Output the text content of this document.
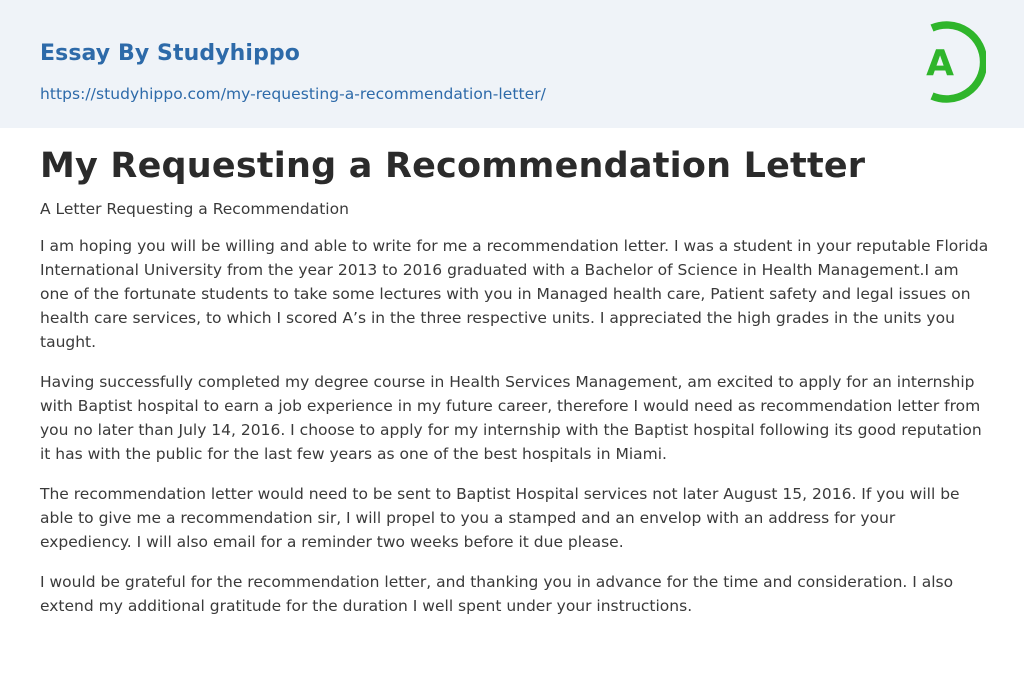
Essay By Studyhippo
https://studyhippo.com/my-requesting-a-recommendation-letter/
A
My Requesting a Recommendation Letter
A Letter Requesting a Recommendation

I am hoping you will be willing and able to write for me a recommendation letter. I was a student in your reputable Florida International University from the year 2013 to 2016 graduated with a Bachelor of Science in Health Management.I am one of the fortunate students to take some lectures with you in Managed health care, Patient safety and legal issues on health care services, to which I scored A’s in the three respective units. I appreciated the high grades in the units you taught.

Having successfully completed my degree course in Health Services Management, am excited to apply for an internship with Baptist hospital to earn a job experience in my future career, therefore I would need as recommendation letter from you no later than July 14, 2016. I choose to apply for my internship with the Baptist hospital following its good reputation it has with the public for the last few years as one of the best hospitals in Miami.

The recommendation letter would need to be sent to Baptist Hospital services not later August 15, 2016. If you will be able to give me a recommendation sir, I will propel to you a stamped and an envelop with an address for your expediency. I will also email for a reminder two weeks before it due please.

I would be grateful for the recommendation letter, and thanking you in advance for the time and consideration. I also extend my additional gratitude for the duration I well spent under your instructions.
